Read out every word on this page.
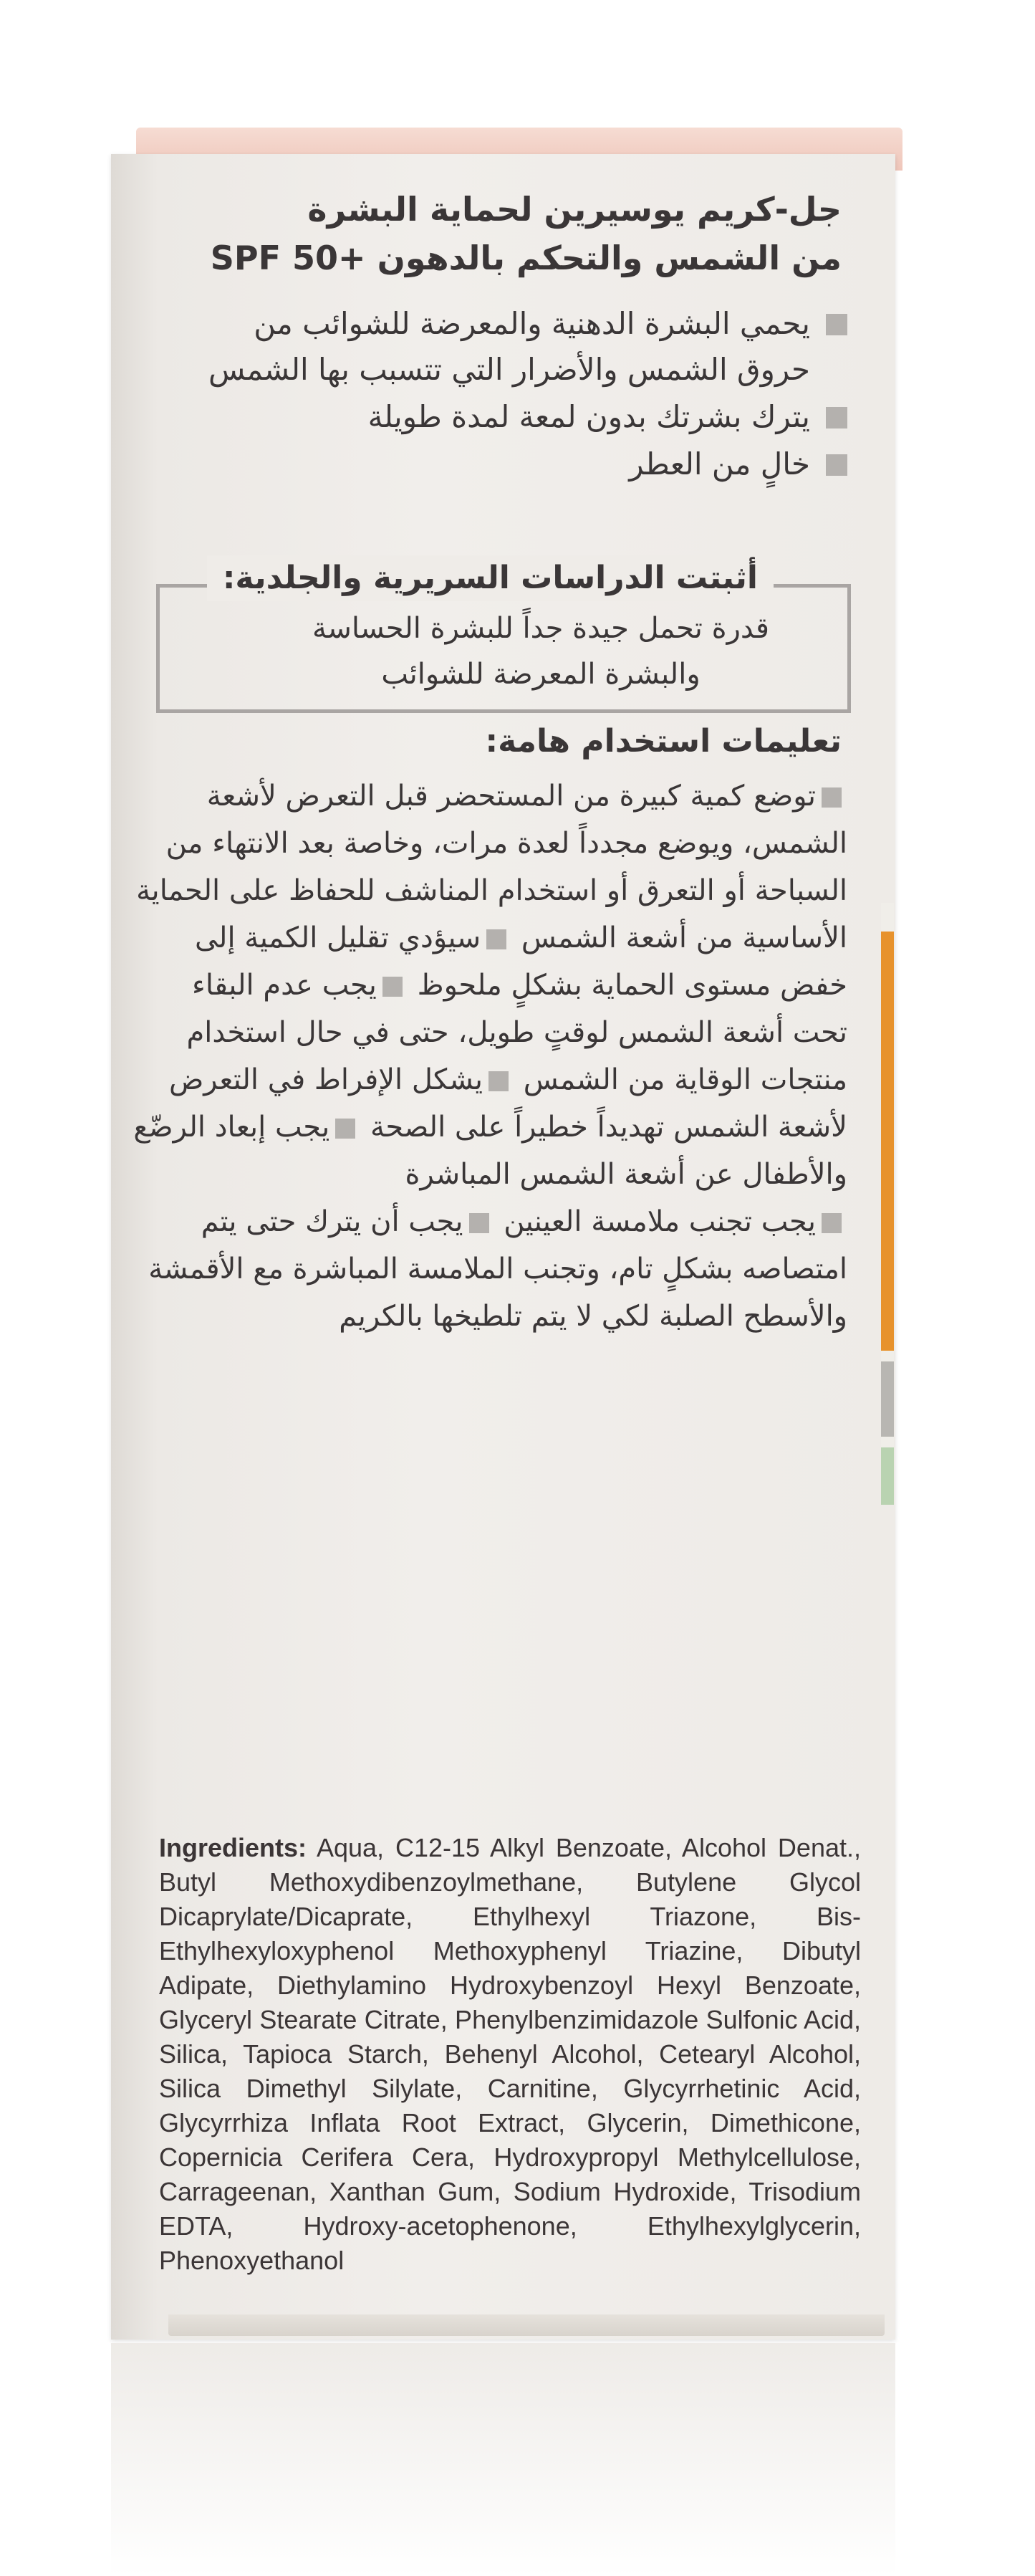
جل-كريم يوسيرين لحماية البشرة
من الشمس والتحكم بالدهون +SPF 50
يحمي البشرة الدهنية والمعرضة للشوائب من حروق الشمس والأضرار التي تتسبب بها الشمس
يترك بشرتك بدون لمعة لمدة طويلة
خالٍ من العطر
أثبتت الدراسات السريرية والجلدية:
قدرة تحمل جيدة جداً للبشرة الحساسة والبشرة المعرضة للشوائب
تعليمات استخدام هامة:
توضع كمية كبيرة من المستحضر قبل التعرض لأشعة الشمس، ويوضع مجدداً لعدة مرات، وخاصة بعد الانتهاء من السباحة أو التعرق أو استخدام المناشف للحفاظ على الحماية الأساسية من أشعة الشمس سيؤدي تقليل الكمية إلى خفض مستوى الحماية بشكلٍ ملحوظ يجب عدم البقاء تحت أشعة الشمس لوقتٍ طويل، حتى في حال استخدام منتجات الوقاية من الشمس يشكل الإفراط في التعرض لأشعة الشمس تهديداً خطيراً على الصحة يجب إبعاد الرضّع والأطفال عن أشعة الشمس المباشرة
يجب تجنب ملامسة العينين يجب أن يترك حتى يتم امتصاصه بشكلٍ تام، وتجنب الملامسة المباشرة مع الأقمشة والأسطح الصلبة لكي لا يتم تلطيخها بالكريم
Ingredients: Aqua, C12-15 Alkyl Benzoate, Alcohol Denat., Butyl Methoxydibenzoylmethane, Butylene Glycol Dicaprylate/Dicaprate, Ethylhexyl Triazone, Bis-Ethylhexyloxyphenol Methoxyphenyl Triazine, Dibutyl Adipate, Diethylamino Hydroxybenzoyl Hexyl Benzoate, Glyceryl Stearate Citrate, Phenylbenzimidazole Sulfonic Acid, Silica, Tapioca Starch, Behenyl Alcohol, Cetearyl Alcohol, Silica Dimethyl Silylate, Carnitine, Glycyrrhetinic Acid, Glycyrrhiza Inflata Root Extract, Glycerin, Dimethicone, Copernicia Cerifera Cera, Hydroxypropyl Methylcellulose, Carrageenan, Xanthan Gum, Sodium Hydroxide, Trisodium EDTA, Hydroxy-acetophenone, Ethylhexylglycerin, Phenoxyethanol
